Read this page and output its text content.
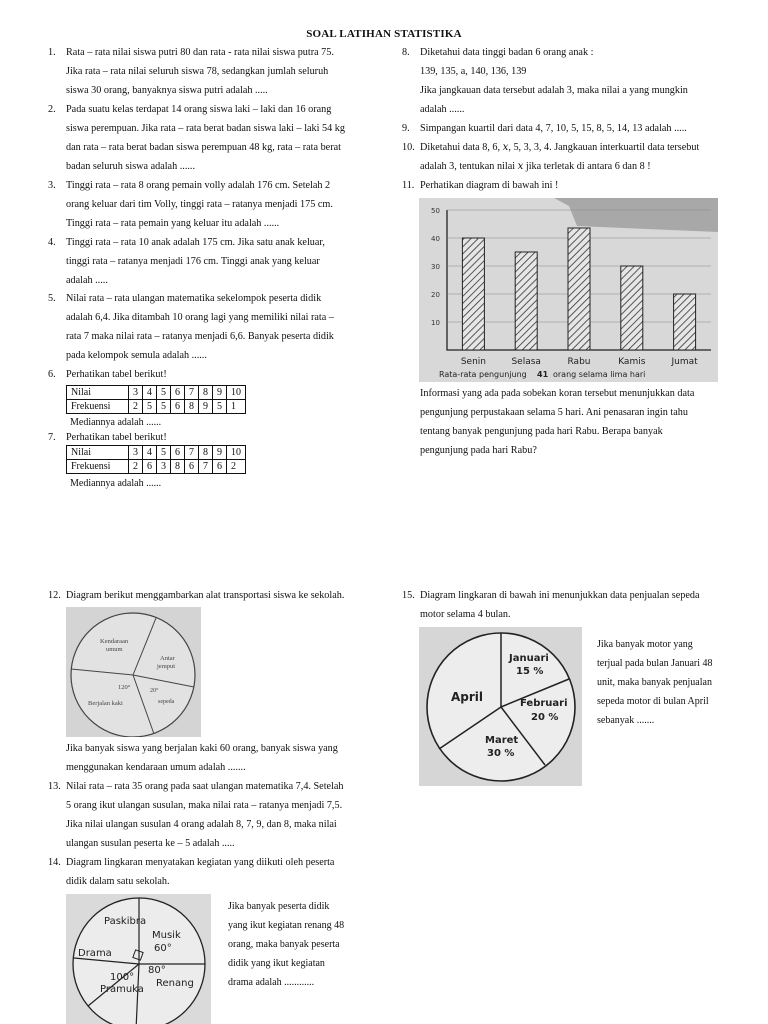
SOAL LATIHAN STATISTIKA
1. Rata – rata nilai siswa putri 80 dan rata - rata nilai siswa putra 75.
Jika rata – rata nilai seluruh siswa 78, sedangkan jumlah seluruh
siswa 30 orang, banyaknya siswa putri adalah .....
2. Pada suatu kelas terdapat 14 orang siswa laki – laki dan 16 orang
siswa perempuan. Jika rata – rata berat badan siswa laki – laki 54 kg
dan rata – rata berat badan siswa perempuan 48 kg, rata – rata berat
badan seluruh siswa adalah ......
3. Tinggi rata – rata 8 orang pemain volly adalah 176 cm. Setelah 2
orang keluar dari tim Volly, tinggi rata – ratanya menjadi 175 cm.
Tinggi rata – rata pemain yang keluar itu adalah ......
4. Tinggi rata – rata 10 anak adalah 175 cm. Jika satu anak keluar,
tinggi rata – ratanya menjadi 176 cm. Tinggi anak yang keluar
adalah .....
5. Nilai rata – rata ulangan matematika sekelompok peserta didik
adalah 6,4. Jika ditambah 10 orang lagi yang memiliki nilai rata –
rata 7 maka nilai rata – ratanya menjadi 6,6. Banyak peserta didik
pada kelompok semula adalah ......
6. Perhatikan tabel berikut!
Nilai	3	4	5	6	7	8	9	10
Frekuensi	2	5	5	6	8	9	5	1
Mediannya adalah ......
7. Perhatikan tabel berikut!
Nilai	3	4	5	6	7	8	9	10
Frekuensi	2	6	3	8	6	7	6	2
Mediannya adalah ......
8. Diketahui data tinggi badan 6 orang anak :
139, 135, a, 140, 136, 139
Jika jangkauan data tersebut adalah 3, maka nilai a yang mungkin
adalah ......
9. Simpangan kuartil dari data 4, 7, 10, 5, 15, 8, 5, 14, 13 adalah .....
10. Diketahui data 8, 6, 𝑥, 5, 3, 3, 4. Jangkauan interkuartil data tersebut
adalah 3, tentukan nilai 𝑥 jika terletak di antara 6 dan 8 !
11. Perhatikan diagram di bawah ini !
10
20
30
40
50
Senin	Selasa	Rabu	Kamis	Jumat
Rata-rata pengunjung 41 orang selama lima hari
Informasi yang ada pada sobekan koran tersebut menunjukkan data
pengunjung perpustakaan selama 5 hari. Ani penasaran ingin tahu
tentang banyak pengunjung pada hari Rabu. Berapa banyak
pengunjung pada hari Rabu?
12. Diagram berikut menggambarkan alat transportasi siswa ke sekolah.
Kendaraan
umum
Antar
jemput
120°	20°
sepeda
Berjalan kaki
Jika banyak siswa yang berjalan kaki 60 orang, banyak siswa yang
menggunakan kendaraan umum adalah .......
13. Nilai rata – rata 35 orang pada saat ulangan matematika 7,4. Setelah
5 orang ikut ulangan susulan, maka nilai rata – ratanya menjadi 7,5.
Jika nilai ulangan susulan 4 orang adalah 8, 7, 9, dan 8, maka nilai
ulangan susulan peserta ke – 5 adalah .....
14. Diagram lingkaran menyatakan kegiatan yang diikuti oleh peserta
didik dalam satu sekolah.
Paskibra
Musik
60°
Drama
100°
80°
Pramuka
Renang
Jika banyak peserta didik
yang ikut kegiatan renang 48
orang, maka banyak peserta
didik yang ikut kegiatan
drama adalah ............
15. Diagram lingkaran di bawah ini menunjukkan data penjualan sepeda
motor selama 4 bulan.
Januari
15 %
Februari
20 %
Maret
30 %
April
Jika banyak motor yang
terjual pada bulan Januari 48
unit, maka banyak penjualan
sepeda motor di bulan April
sebanyak .......
